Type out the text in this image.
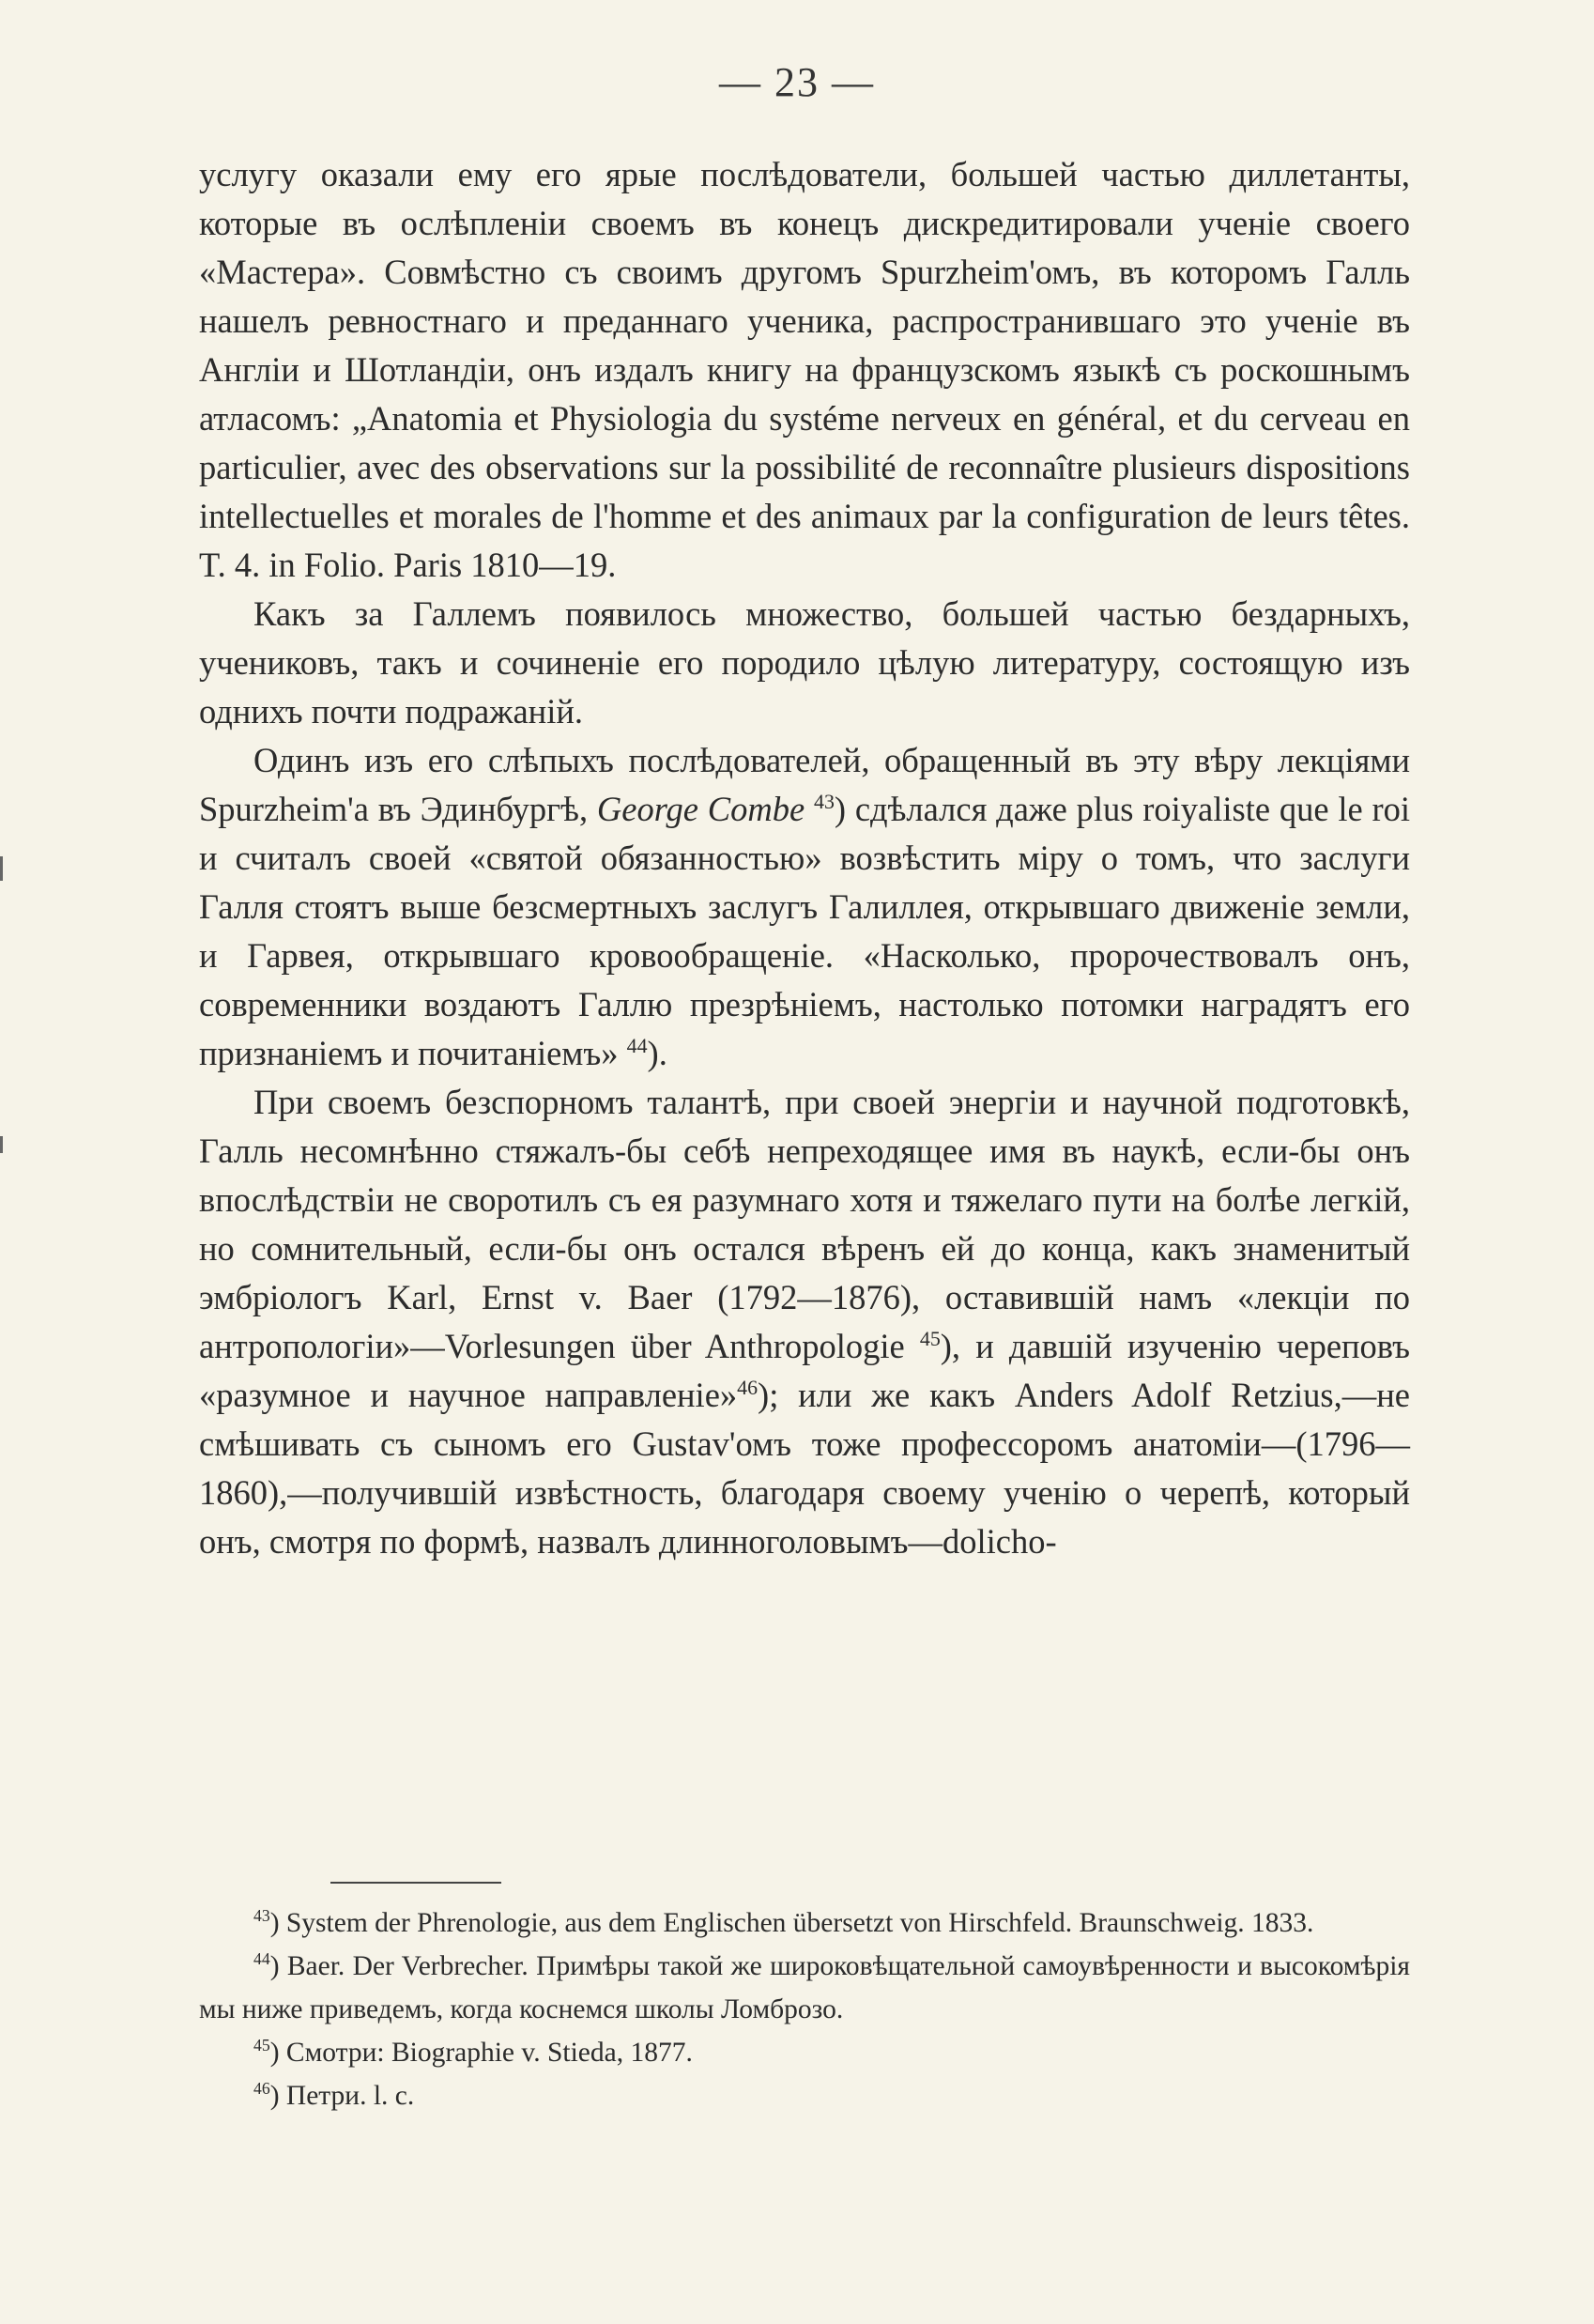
— 23 —

услугу оказали ему его ярые послѣдователи, большей частью диллетанты, которые въ ослѣпленіи своемъ въ конецъ дискредитировали ученіе своего «Мастера». Совмѣстно съ своимъ другомъ Spurzheim'омъ, въ которомъ Галль нашелъ ревностнаго и преданнаго ученика, распространившаго это ученіе въ Англіи и Шотландіи, онъ издалъ книгу на французскомъ языкѣ съ роскошнымъ атласомъ: „Anatomia et Physiologia du systéme nerveux en général, et du cerveau en particulier, avec des observations sur la possibilité de reconnaître plusieurs dispositions intellectuelles et morales de l'homme et des animaux par la configuration de leurs têtes. T. 4. in Folio. Paris 1810—19.

Какъ за Галлемъ появилось множество, большей частью бездарныхъ, учениковъ, такъ и сочиненіе его породило цѣлую литературу, состоящую изъ однихъ почти подражаній.

Одинъ изъ его слѣпыхъ послѣдователей, обращенный въ эту вѣру лекціями Spurzheim'а въ Эдинбургѣ, George Combe $^{43}$) сдѣлался даже plus roiyaliste que le roi и считалъ своей «святой обязанностью» возвѣстить міру о томъ, что заслуги Галля стоятъ выше безсмертныхъ заслугъ Галиллея, открывшаго движеніе земли, и Гарвея, открывшаго кровообращеніе. «Насколько, пророчествовалъ онъ, современники воздаютъ Галлю презрѣніемъ, настолько потомки наградятъ его признаніемъ и почитаніемъ» $^{44}$).

При своемъ безспорномъ талантѣ, при своей энергіи и научной подготовкѣ, Галль несомнѣнно стяжалъ-бы себѣ непреходящее имя въ наукѣ, если-бы онъ впослѣдствіи не своротилъ съ ея разумнаго хотя и тяжелаго пути на болѣе легкій, но сомнительный, если-бы онъ остался вѣренъ ей до конца, какъ знаменитый эмбріологъ Karl, Ernst v. Baer (1792—1876), оставившій намъ «лекціи по антропологіи»—Vorlesungen über Anthropologie $^{45}$), и давшій изученію череповъ «разумное и научное направленіе»$^{46}$); или же какъ Anders Adolf Retzius,—не смѣшивать съ сыномъ его Gustav'омъ тоже профессоромъ анатоміи—(1796—1860),—получившій извѣстность, благодаря своему ученію о черепѣ, который онъ, смотря по формѣ, назвалъ длинноголовымъ—dolicho-

$^{43}$) System der Phrenologie, aus dem Englischen übersetzt von Hirschfeld. Braunschweig. 1833.

$^{44}$) Baer. Der Verbrecher. Примѣры такой же широковѣщательной самоувѣренности и высокомѣрія мы ниже приведемъ, когда коснемся школы Ломброзо.

$^{45}$) Смотри: Biographie v. Stieda, 1877.

$^{46}$) Петри. l. c.
